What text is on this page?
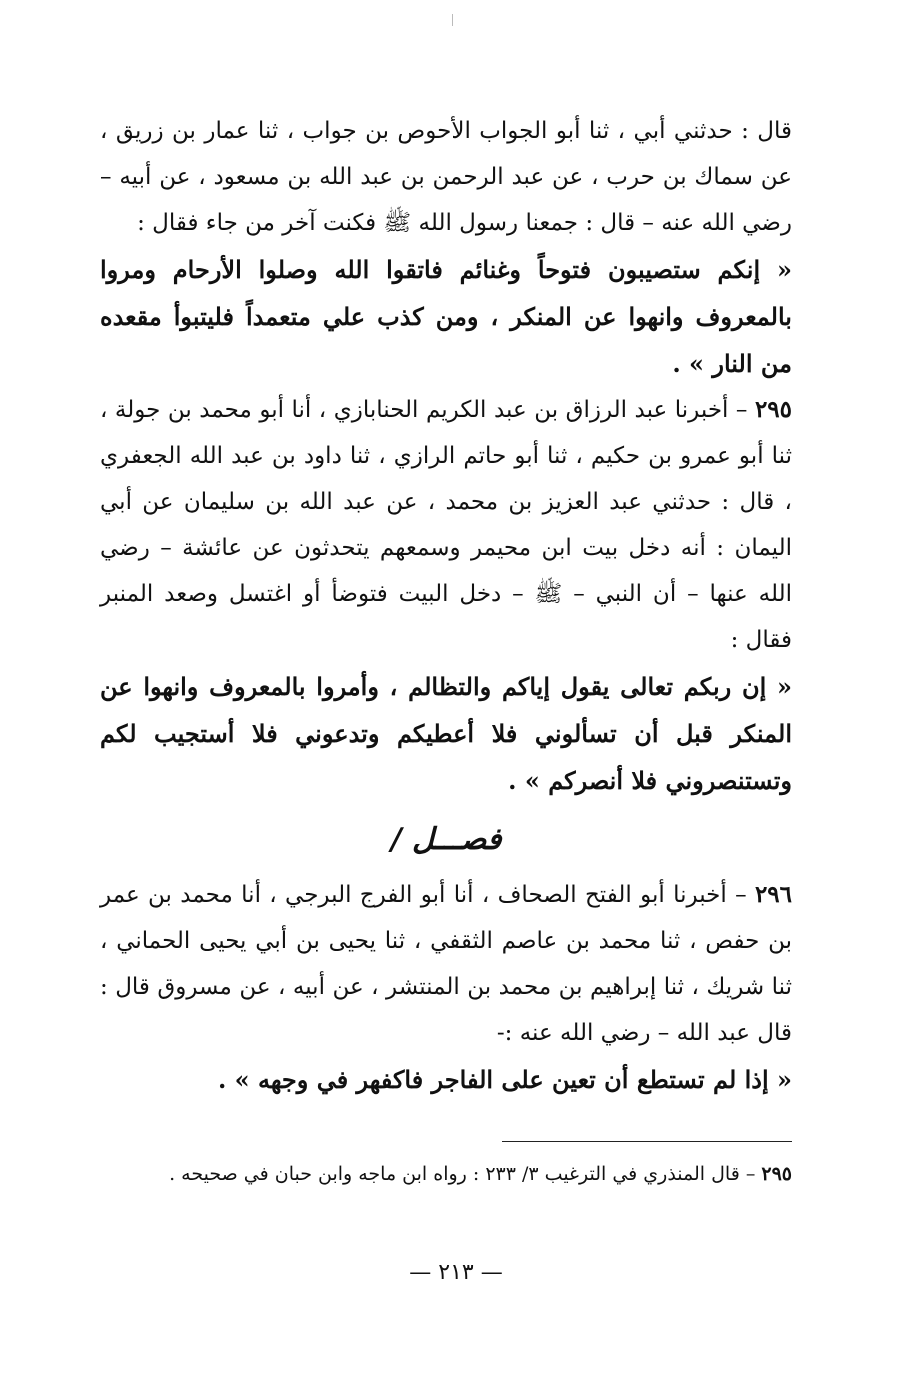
قال : حدثني أبي ، ثنا أبو الجواب الأحوص بن جواب ، ثنا عمار بن زريق ، عن سماك بن حرب ، عن عبد الرحمن بن عبد الله بن مسعود ، عن أبيه – رضي الله عنه – قال : جمعنا رسول الله ﷺ فكنت آخر من جاء فقال :

« إنكم ستصيبون فتوحاً وغنائم فاتقوا الله وصلوا الأرحام ومروا بالمعروف وانهوا عن المنكر ، ومن كذب علي متعمداً فليتبوأ مقعده من النار » .

٢٩٥ – أخبرنا عبد الرزاق بن عبد الكريم الحنابازي ، أنا أبو محمد بن جولة ، ثنا أبو عمرو بن حكيم ، ثنا أبو حاتم الرازي ، ثنا داود بن عبد الله الجعفري ، قال : حدثني عبد العزيز بن محمد ، عن عبد الله بن سليمان عن أبي اليمان : أنه دخل بيت ابن محيمر وسمعهم يتحدثون عن عائشة – رضي الله عنها – أن النبي – ﷺ – دخل البيت فتوضأ أو اغتسل وصعد المنبر فقال :

« إن ربكم تعالى يقول إياكم والتظالم ، وأمروا بالمعروف وانهوا عن المنكر قبل أن تسألوني فلا أعطيكم وتدعوني فلا أستجيب لكم وتستنصروني فلا أنصركم » .

فصـــل /

٢٩٦ – أخبرنا أبو الفتح الصحاف ، أنا أبو الفرج البرجي ، أنا محمد بن عمر بن حفص ، ثنا محمد بن عاصم الثقفي ، ثنا يحيى بن أبي يحيى الحماني ، ثنا شريك ، ثنا إبراهيم بن محمد بن المنتشر ، عن أبيه ، عن مسروق قال : قال عبد الله – رضي الله عنه :-

« إذا لم تستطع أن تعين على الفاجر فاكفهر في وجهه » .

٢٩٥ – قال المنذري في الترغيب ٣/ ٢٣٣ : رواه ابن ماجه وابن حبان في صحيحه .
— ٢١٣ —
